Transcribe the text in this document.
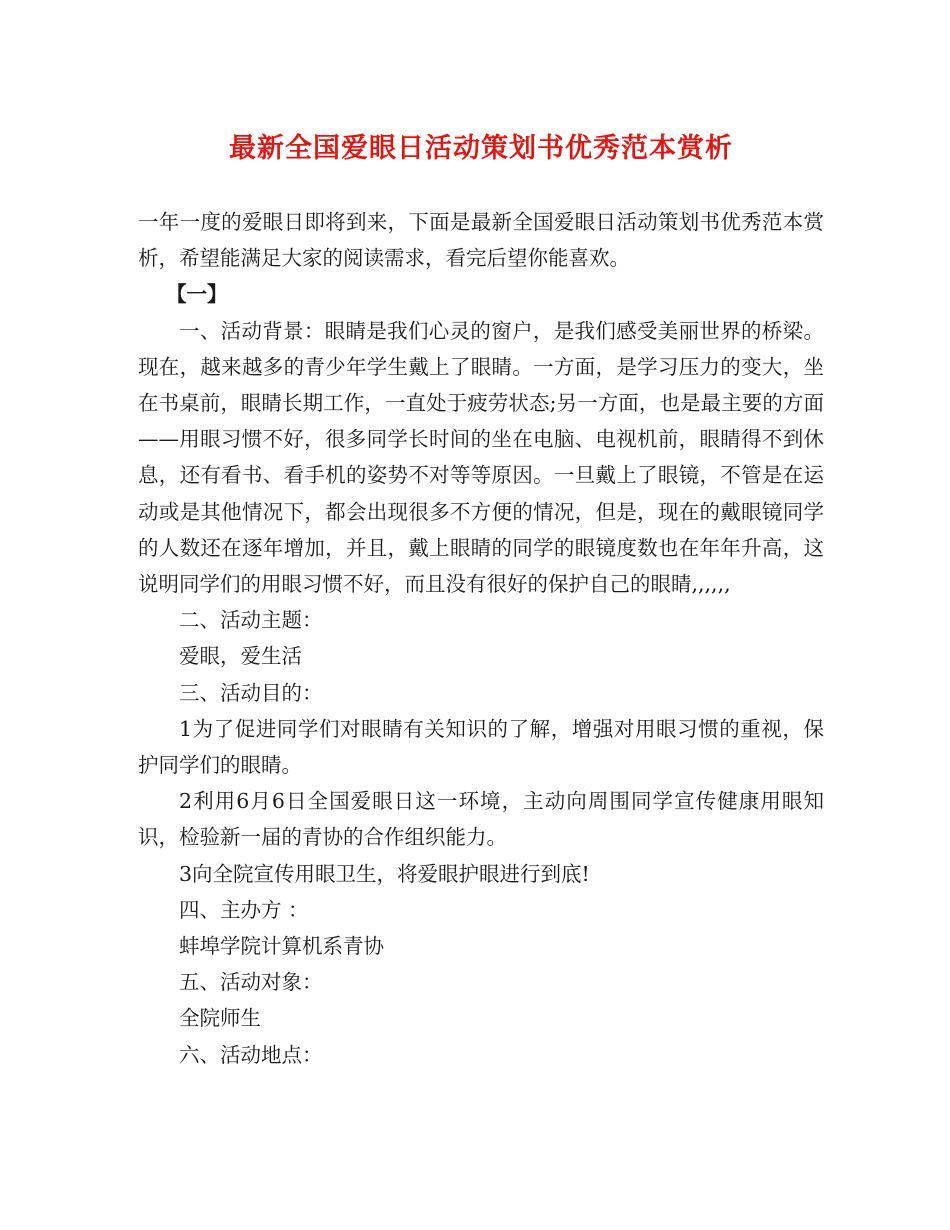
最新全国爱眼日活动策划书优秀范本赏析

一年一度的爱眼日即将到来，下面是最新全国爱眼日活动策划书优秀范本赏析，希望能满足大家的阅读需求，看完后望你能喜欢。

【一】

一、活动背景：眼睛是我们心灵的窗户，是我们感受美丽世界的桥梁。现在，越来越多的青少年学生戴上了眼睛。一方面，是学习压力的变大，坐在书桌前，眼睛长期工作，一直处于疲劳状态;另一方面，也是最主要的方面——用眼习惯不好，很多同学长时间的坐在电脑、电视机前，眼睛得不到休息，还有看书、看手机的姿势不对等等原因。一旦戴上了眼镜，不管是在运动或是其他情况下，都会出现很多不方便的情况，但是，现在的戴眼镜同学的人数还在逐年增加，并且，戴上眼睛的同学的眼镜度数也在年年升高，这说明同学们的用眼习惯不好，而且没有很好的保护自己的眼睛,,,,,,

二、活动主题：

爱眼，爱生活

三、活动目的：

1为了促进同学们对眼睛有关知识的了解，增强对用眼习惯的重视，保护同学们的眼睛。

2利用6月6日全国爱眼日这一环境，主动向周围同学宣传健康用眼知识，检验新一届的青协的合作组织能力。

3向全院宣传用眼卫生，将爱眼护眼进行到底!

四、主办方 ：

蚌埠学院计算机系青协

五、活动对象：

全院师生

六、活动地点：
